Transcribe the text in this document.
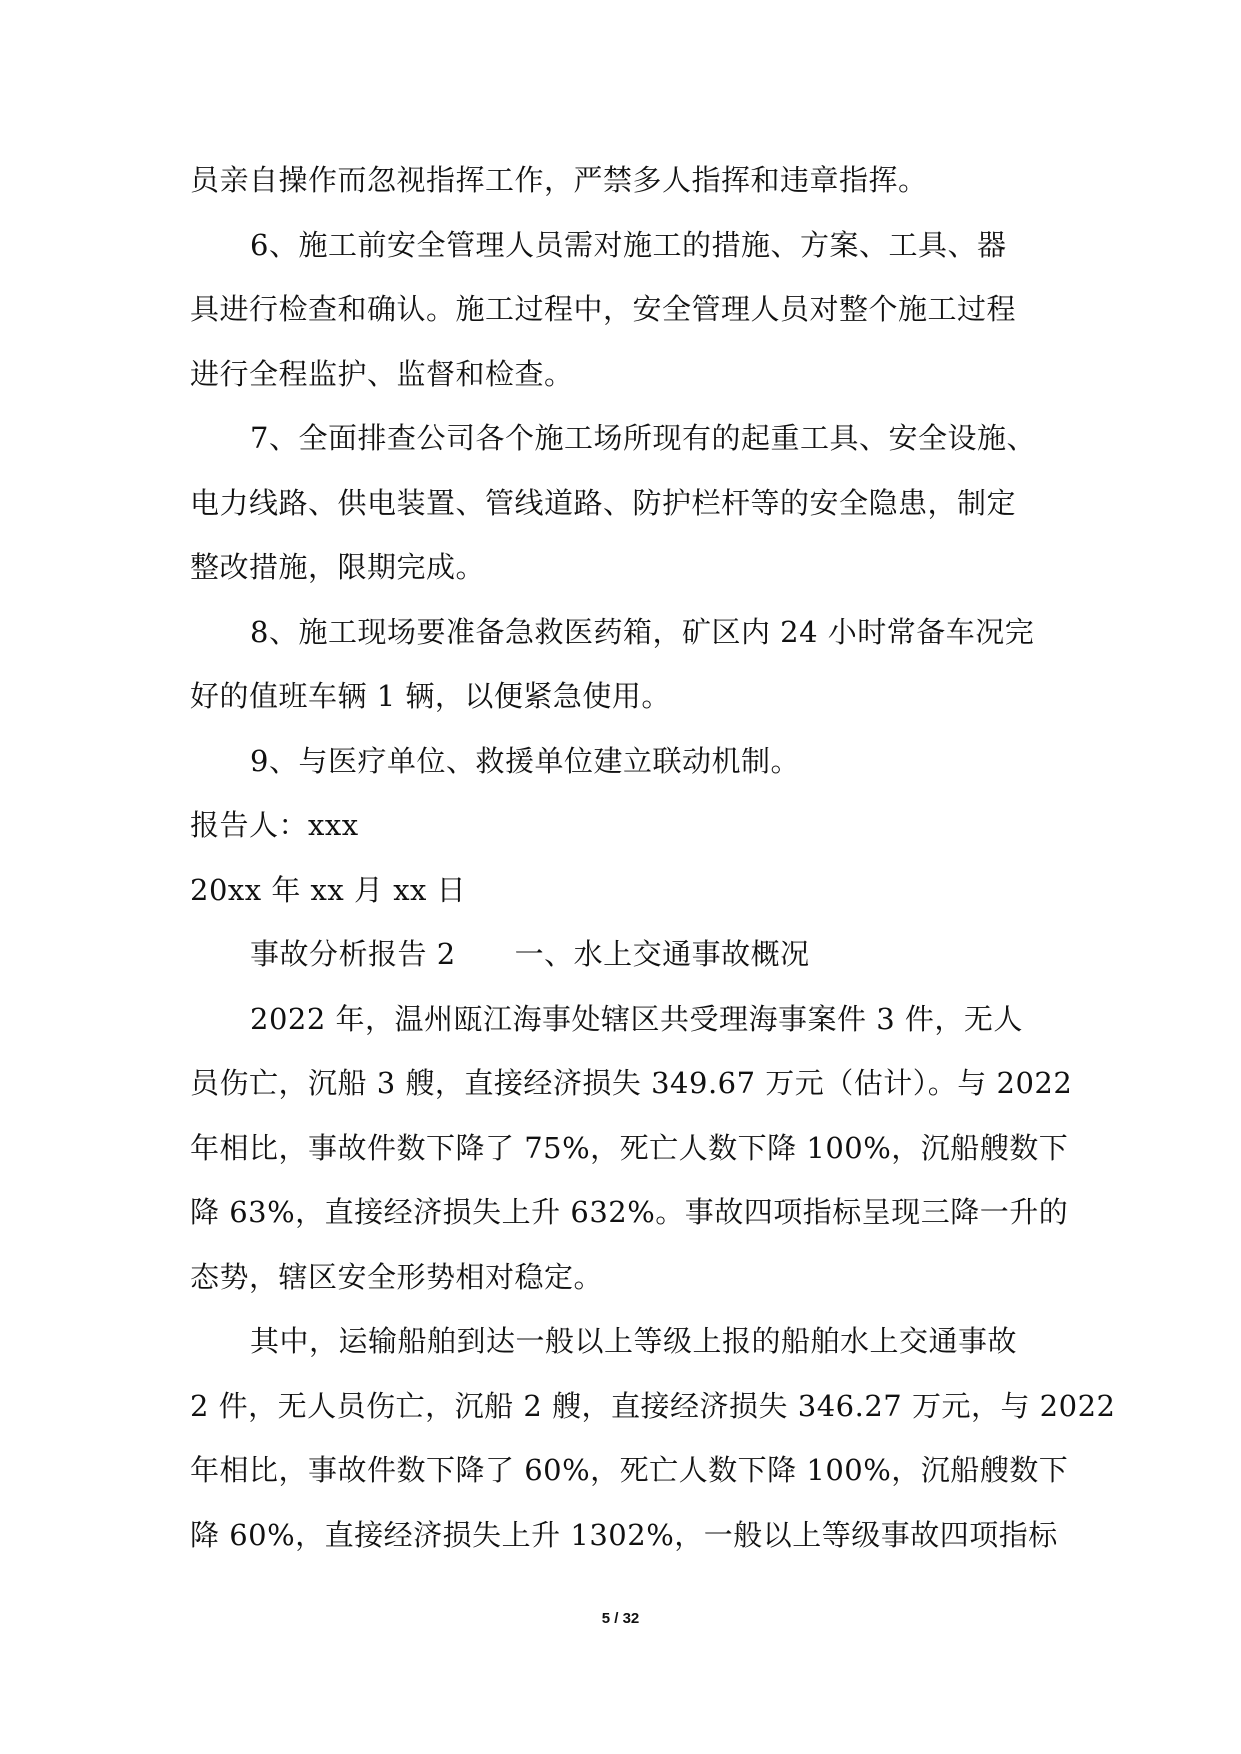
员亲自操作而忽视指挥工作，严禁多人指挥和违章指挥。
6、施工前安全管理人员需对施工的措施、方案、工具、器
具进行检查和确认。施工过程中，安全管理人员对整个施工过程
进行全程监护、监督和检查。
7、全面排查公司各个施工场所现有的起重工具、安全设施、
电力线路、供电装置、管线道路、防护栏杆等的安全隐患，制定
整改措施，限期完成。
8、施工现场要准备急救医药箱，矿区内 24 小时常备车况完
好的值班车辆 1 辆，以便紧急使用。
9、与医疗单位、救援单位建立联动机制。
报告人：xxx
20xx 年 xx 月 xx 日
事故分析报告 2　　一、水上交通事故概况
2022 年，温州瓯江海事处辖区共受理海事案件 3 件，无人
员伤亡，沉船 3 艘，直接经济损失 349.67 万元（估计）。与 2022
年相比，事故件数下降了 75%，死亡人数下降 100%，沉船艘数下
降 63%，直接经济损失上升 632%。事故四项指标呈现三降一升的
态势，辖区安全形势相对稳定。
其中，运输船舶到达一般以上等级上报的船舶水上交通事故
2 件，无人员伤亡，沉船 2 艘，直接经济损失 346.27 万元，与 2022
年相比，事故件数下降了 60%，死亡人数下降 100%，沉船艘数下
降 60%，直接经济损失上升 1302%，一般以上等级事故四项指标
5 / 32
